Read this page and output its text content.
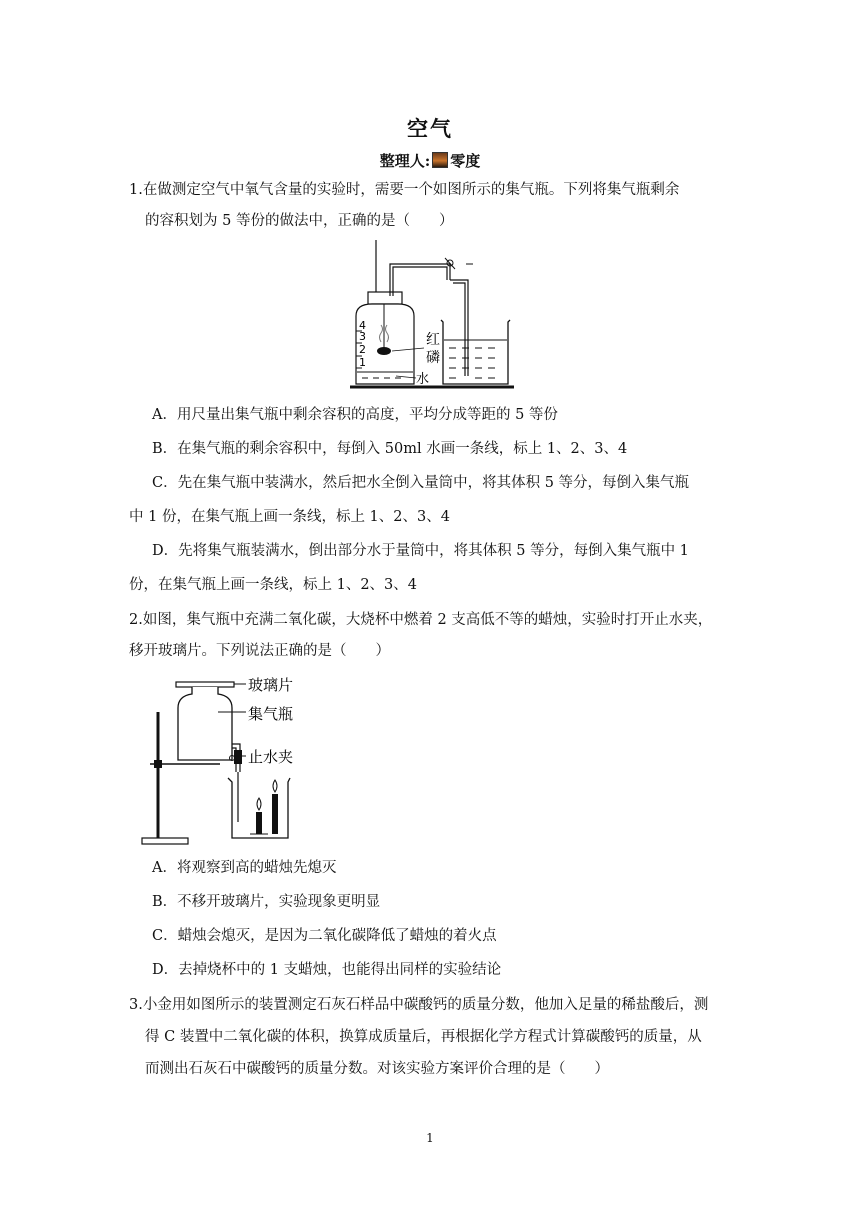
空气
整理人: 零度
1.在做测定空气中氧气含量的实验时，需要一个如图所示的集气瓶。下列将集气瓶剩余
的容积划为 5 等份的做法中，正确的是（　　）
4
3
2
1
红
磷
水
A．用尺量出集气瓶中剩余容积的高度，平均分成等距的 5 等份
B．在集气瓶的剩余容积中，每倒入 50ml 水画一条线，标上 1、2、3、4
C．先在集气瓶中装满水，然后把水全倒入量筒中，将其体积 5 等分，每倒入集气瓶
中 1 份，在集气瓶上画一条线，标上 1、2、3、4
D．先将集气瓶装满水，倒出部分水于量筒中，将其体积 5 等分，每倒入集气瓶中 1
份，在集气瓶上画一条线，标上 1、2、3、4
2.如图，集气瓶中充满二氧化碳，大烧杯中燃着 2 支高低不等的蜡烛，实验时打开止水夹，
移开玻璃片。下列说法正确的是（　　）
玻璃片
集气瓶
止水夹
A．将观察到高的蜡烛先熄灭
B．不移开玻璃片，实验现象更明显
C．蜡烛会熄灭，是因为二氧化碳降低了蜡烛的着火点
D．去掉烧杯中的 1 支蜡烛，也能得出同样的实验结论
3.小金用如图所示的装置测定石灰石样品中碳酸钙的质量分数，他加入足量的稀盐酸后，测
得 C 装置中二氧化碳的体积，换算成质量后，再根据化学方程式计算碳酸钙的质量，从
而测出石灰石中碳酸钙的质量分数。对该实验方案评价合理的是（　　）
1
